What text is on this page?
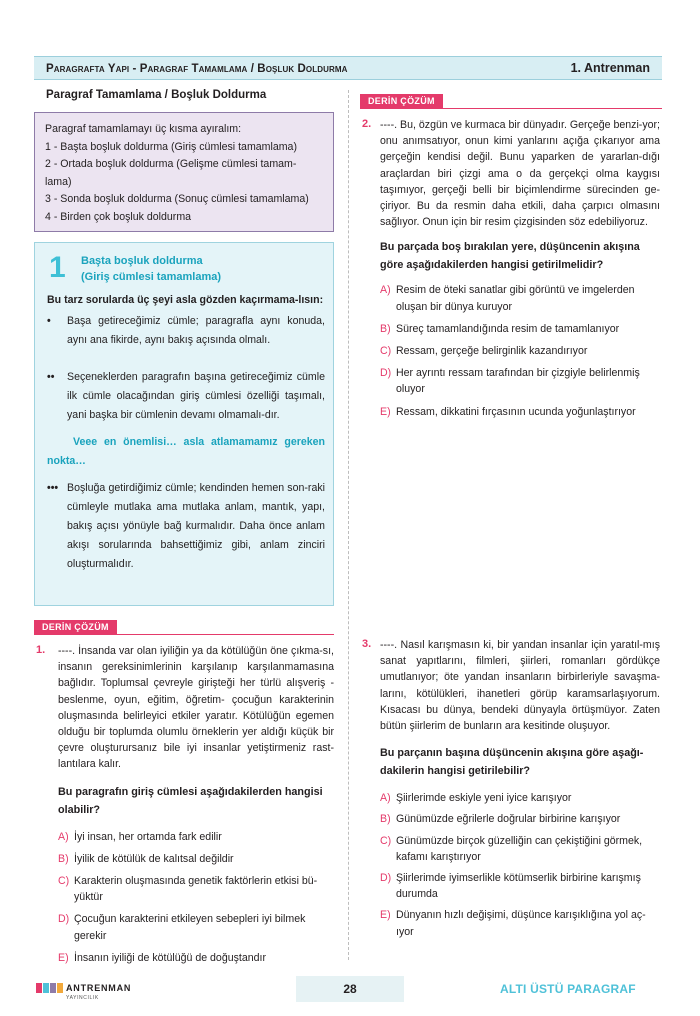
Paragrafta Yapı - Paragraf Tamamlama / Boşluk Doldurma	1. Antrenman
Paragraf Tamamlama / Boşluk Doldurma
Paragraf tamamlamayı üç kısma ayıralım:
1 - Başta boşluk doldurma (Giriş cümlesi tamamlama)
2 - Ortada boşluk doldurma (Gelişme cümlesi tamam-
lama)
3 - Sonda boşluk doldurma (Sonuç cümlesi tamamlama)
4 - Birden çok boşluk doldurma
1 Başta boşluk doldurma
(Giriş cümlesi tamamlama)
Bu tarz sorularda üç şeyi asla gözden kaçırmama-lısın:
• Başa getireceğimiz cümle; paragrafla aynı konuda, aynı ana fikirde, aynı bakış açısında olmalı.
•• Seçeneklerden paragrafın başına getireceğimiz cümle ilk cümle olacağından giriş cümlesi özelliği taşımalı, yani başka bir cümlenin devamı olmamalı-dır.
Veee en önemlisi… asla atlamamamız gereken nokta…
••• Boşluğa getirdiğimiz cümle; kendinden hemen son-raki cümleyle mutlaka ama mutlaka anlam, mantık, yapı, bakış açısı yönüyle bağ kurmalıdır. Daha önce anlam akışı sorularında bahsettiğimiz gibi, anlam zinciri oluşturmalıdır.
DERİN ÇÖZÜM
1.	----. İnsanda var olan iyiliğin ya da kötülüğün öne çıkma-sı, insanın gereksinimlerinin karşılanıp karşılanmamasına bağlıdır. Toplumsal çevreyle girişteği her türlü alışveriş -beslenme, oyun, eğitim, öğretim- çocuğun karakterinin oluşmasında belirleyici etkiler yaratır. Kötülüğün egemen olduğu bir toplumda olumlu örneklerin yer aldığı küçük bir çevre oluşturursanız bile iyi insanlar yetiştirmeniz rast-lantılara kalır.
Bu paragrafın giriş cümlesi aşağıdakilerden hangisi olabilir?
A) İyi insan, her ortamda fark edilir
B) İyilik de kötülük de kalıtsal değildir
C) Karakterin oluşmasında genetik faktörlerin etkisi bü-yüktür
D) Çocuğun karakterini etkileyen sebepleri iyi bilmek gerekir
E) İnsanın iyiliği de kötülüğü de doğuştandır
DERİN ÇÖZÜM
2. ----. Bu, özgün ve kurmaca bir dünyadır. Gerçeğe benzi-yor; onu anımsatıyor, onun kimi yanlarını açığa çıkarıyor ama gerçeğin kendisi değil. Bunu yaparken de yararlan-dığı araçlardan biri çizgi ama o da gerçekçi olma kaygısı taşımıyor, gerçeği belli bir biçimlendirme sürecinden ge-çiriyor. Bu da resmin daha etkili, daha çarpıcı olmasını sağlıyor. Onun için bir resim çizgisinden söz edebiliyoruz.
Bu parçada boş bırakılan yere, düşüncenin akışına göre aşağıdakilerden hangisi getirilmelidir?
A) Resim de öteki sanatlar gibi görüntü ve imgelerden oluşan bir dünya kuruyor
B) Süreç tamamlandığında resim de tamamlanıyor
C) Ressam, gerçeğe belirginlik kazandırıyor
D) Her ayrıntı ressam tarafından bir çizgiyle belirlenmiş oluyor
E) Ressam, dikkatini fırçasının ucunda yoğunlaştırıyor
3. ----. Nasıl karışmasın ki, bir yandan insanlar için yaratıl-mış sanat yapıtlarını, filmleri, şiirleri, romanları gördükçe umutlanıyor; öte yandan insanların birbirleriyle savaşma-larını, kötülükleri, ihanetleri görüp karamsarlaşıyorum. Kısacası bu dünya, bendeki dünyayla örtüşmüyor. Zaten bütün şiirlerim de bunların ara kesitinde oluşuyor.
Bu parçanın başına düşüncenin akışına göre aşağı-dakilerin hangisi getirilebilir?
A) Şiirlerimde eskiyle yeni iyice karışıyor
B) Günümüzde eğrilerle doğrular birbirine karışıyor
C) Günümüzde birçok güzelliğin can çekiştiğini görmek, kafamı karıştırıyor
D) Şiirlerimde iyimserlikle kötümserlik birbirine karışmış durumda
E) Dünyanın hızlı değişimi, düşünce karışıklığına yol aç-ıyor
ANTRENMAN
YAYINCILIK
28	ALTI ÜSTÜ PARAGRAF
